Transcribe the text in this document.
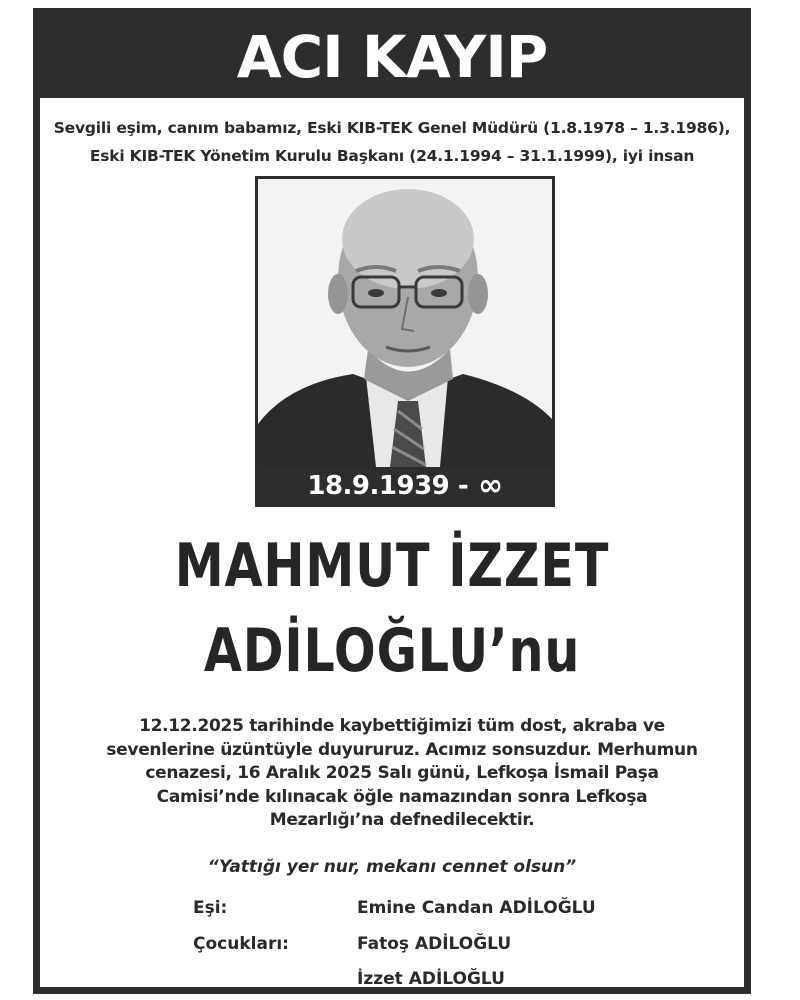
ACI KAYIP
Sevgili eşim, canım babamız, Eski KIB-TEK Genel Müdürü (1.8.1978 – 1.3.1986),
Eski KIB-TEK Yönetim Kurulu Başkanı (24.1.1994 – 31.1.1999), iyi insan
18.9.1939 - ∞
MAHMUT İZZET
ADİLOĞLU’nu
12.12.2025 tarihinde kaybettiğimizi tüm dost, akraba ve sevenlerine üzüntüyle duyururuz. Acımız sonsuzdur. Merhumun cenazesi, 16 Aralık 2025 Salı günü, Lefkoşa İsmail Paşa Camisi’nde kılınacak öğle namazından sonra Lefkoşa Mezarlığı’na defnedilecektir.
“Yattığı yer nur, mekanı cennet olsun”
Eşi:	Emine Candan ADİLOĞLU
Çocukları:	Fatoş ADİLOĞLU
İzzet ADİLOĞLU
